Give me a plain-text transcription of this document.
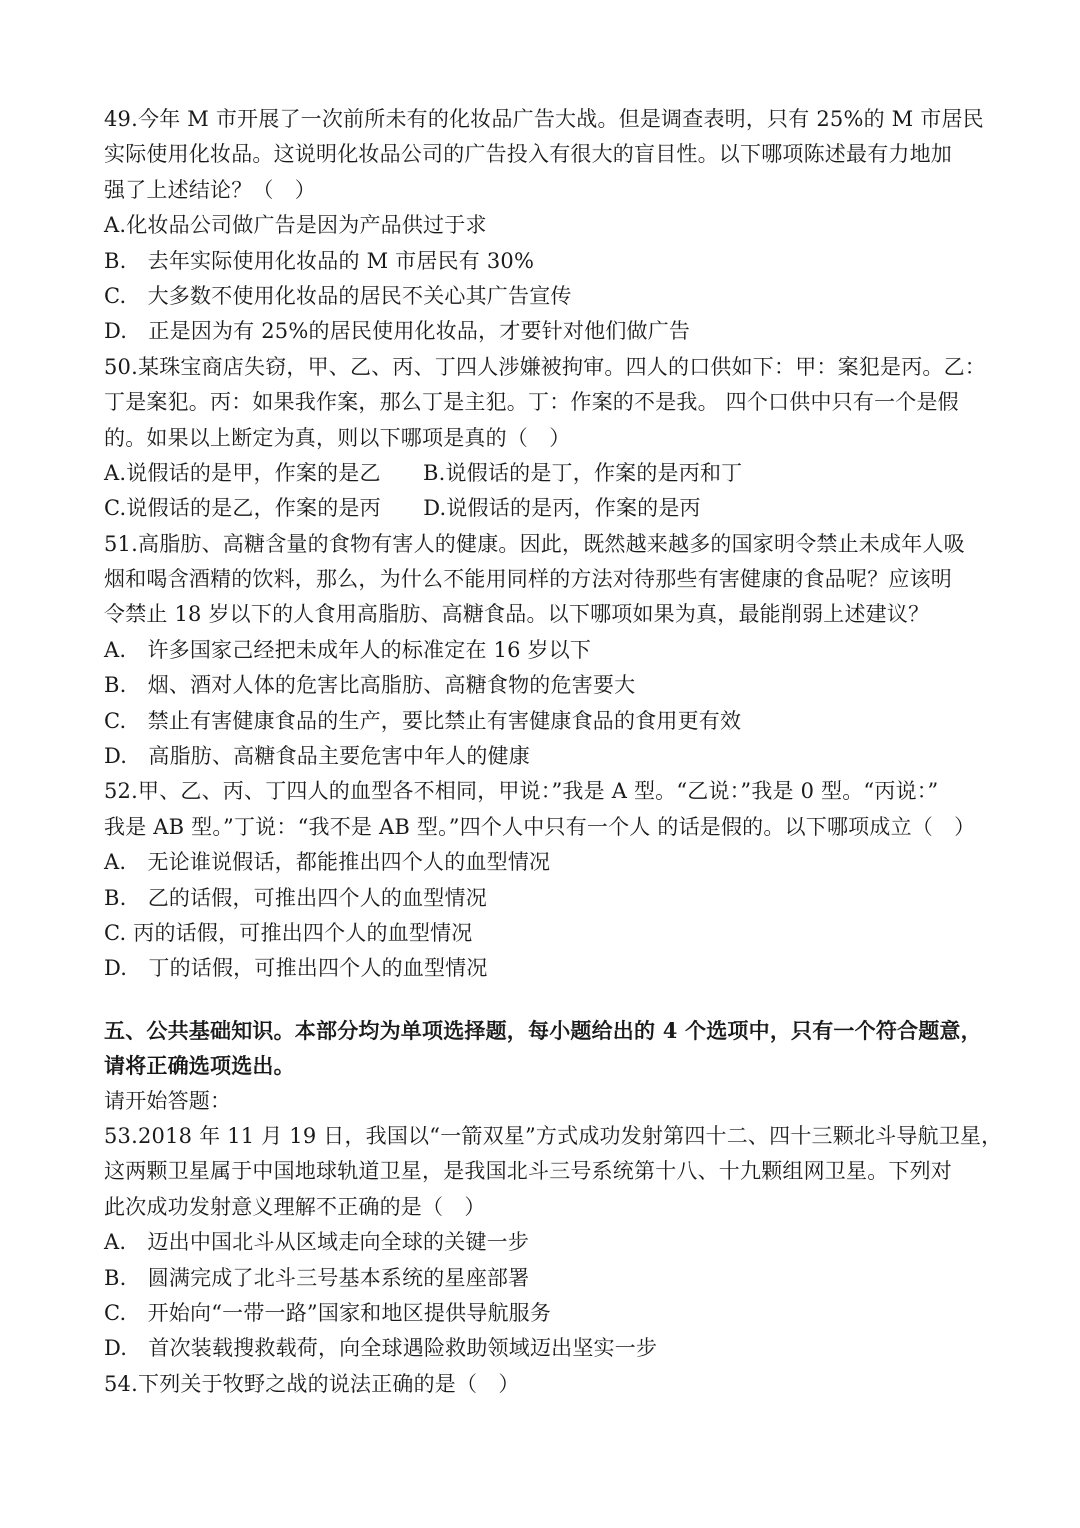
49.今年 M 市开展了一次前所未有的化妆品广告大战。但是调查表明，只有 25%的 M 市居民
实际使用化妆品。这说明化妆品公司的广告投入有很大的盲目性。以下哪项陈述最有力地加
强了上述结论？（　）
A.化妆品公司做广告是因为产品供过于求
B.　去年实际使用化妆品的 M 市居民有 30%
C.　大多数不使用化妆品的居民不关心其广告宣传
D.　正是因为有 25%的居民使用化妆品，才要针对他们做广告
50.某珠宝商店失窃，甲、乙、丙、丁四人涉嫌被拘审。四人的口供如下：甲：案犯是丙。乙：
丁是案犯。丙：如果我作案，那么丁是主犯。丁：作案的不是我。 四个口供中只有一个是假
的。如果以上断定为真，则以下哪项是真的（　）
A.说假话的是甲，作案的是乙　　B.说假话的是丁，作案的是丙和丁
C.说假话的是乙，作案的是丙　　D.说假话的是丙，作案的是丙
51.高脂肪、高糖含量的食物有害人的健康。因此，既然越来越多的国家明令禁止未成年人吸
烟和喝含酒精的饮料，那么，为什么不能用同样的方法对待那些有害健康的食品呢？应该明
令禁止 18 岁以下的人食用高脂肪、高糖食品。以下哪项如果为真，最能削弱上述建议？
A.　许多国家己经把未成年人的标准定在 16 岁以下
B.　烟、酒对人体的危害比高脂肪、高糖食物的危害要大
C.　禁止有害健康食品的生产，要比禁止有害健康食品的食用更有效
D.　高脂肪、高糖食品主要危害中年人的健康
52.甲、乙、丙、丁四人的血型各不相同，甲说：”我是 A 型。“乙说：”我是 0 型。“丙说：”
我是 AB 型。”丁说：“我不是 AB 型。”四个人中只有一个人 的话是假的。以下哪项成立（　）
A.　无论谁说假话，都能推出四个人的血型情况
B.　乙的话假，可推出四个人的血型情况
C. 丙的话假，可推出四个人的血型情况
D.　丁的话假，可推出四个人的血型情况
五、公共基础知识。本部分均为单项选择题，每小题给出的 4 个选项中，只有一个符合题意，
请将正确选项选出。
请开始答题：
53.2018 年 11 月 19 日，我国以“一箭双星”方式成功发射第四十二、四十三颗北斗导航卫星，
这两颗卫星属于中国地球轨道卫星，是我国北斗三号系统第十八、十九颗组网卫星。下列对
此次成功发射意义理解不正确的是（　）
A.　迈出中国北斗从区域走向全球的关键一步
B.　圆满完成了北斗三号基本系统的星座部署
C.　开始向“一带一路”国家和地区提供导航服务
D.　首次装载搜救载荷，向全球遇险救助领域迈出坚实一步
54.下列关于牧野之战的说法正确的是（　）
